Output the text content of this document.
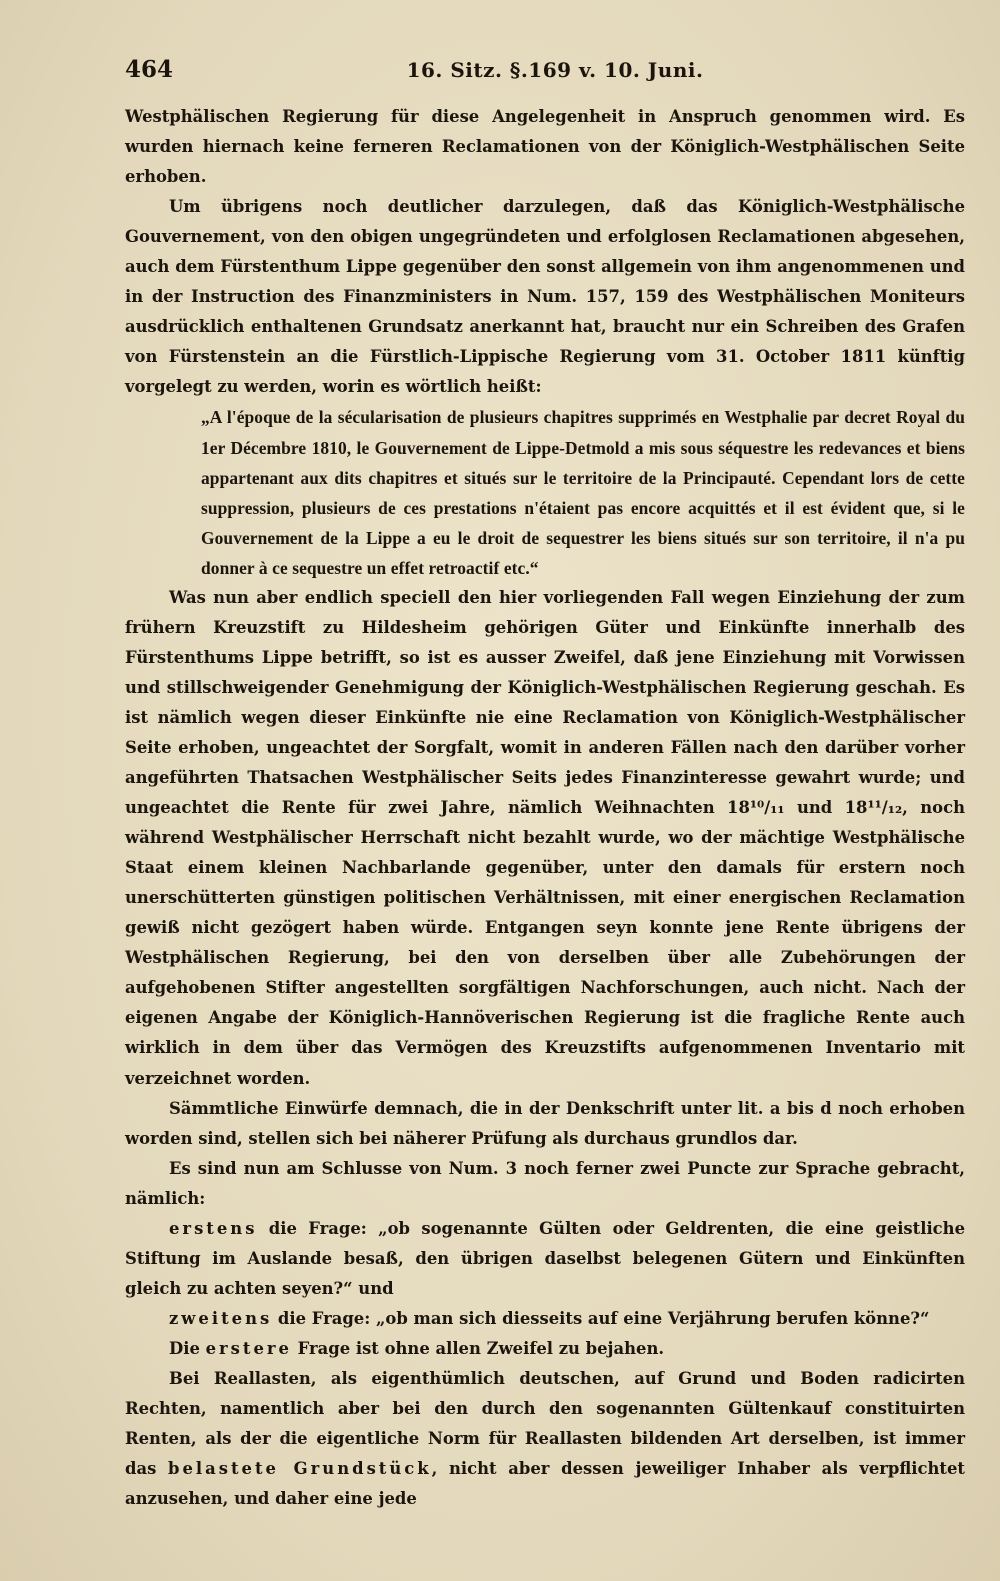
464	16. Sitz. §.169 v. 10. Juni.

Westphälischen Regierung für diese Angelegenheit in Anspruch genommen wird. Es wurden hiernach keine ferneren Reclamationen von der Königlich-Westphälischen Seite erhoben.

Um übrigens noch deutlicher darzulegen, daß das Königlich-Westphälische Gouvernement, von den obigen ungegründeten und erfolglosen Reclamationen abgesehen, auch dem Fürstenthum Lippe gegenüber den sonst allgemein von ihm angenommenen und in der Instruction des Finanzministers in Num. 157, 159 des Westphälischen Moniteurs ausdrücklich enthaltenen Grundsatz anerkannt hat, braucht nur ein Schreiben des Grafen von Fürstenstein an die Fürstlich-Lippische Regierung vom 31. October 1811 künftig vorgelegt zu werden, worin es wörtlich heißt:

„A l'époque de la sécularisation de plusieurs chapitres supprimés en Westphalie par decret Royal du 1er Décembre 1810, le Gouvernement de Lippe-Detmold a mis sous séquestre les redevances et biens appartenant aux dits chapitres et situés sur le territoire de la Principauté. Cependant lors de cette suppression, plusieurs de ces prestations n'étaient pas encore acquittés et il est évident que, si le Gouvernement de la Lippe a eu le droit de sequestrer les biens situés sur son territoire, il n'a pu donner à ce sequestre un effet retroactif etc.“

Was nun aber endlich speciell den hier vorliegenden Fall wegen Einziehung der zum frühern Kreuzstift zu Hildesheim gehörigen Güter und Einkünfte innerhalb des Fürstenthums Lippe betrifft, so ist es ausser Zweifel, daß jene Einziehung mit Vorwissen und stillschweigender Genehmigung der Königlich-Westphälischen Regierung geschah. Es ist nämlich wegen dieser Einkünfte nie eine Reclamation von Königlich-Westphälischer Seite erhoben, ungeachtet der Sorgfalt, womit in anderen Fällen nach den darüber vorher angeführten Thatsachen Westphälischer Seits jedes Finanzinteresse gewahrt wurde; und ungeachtet die Rente für zwei Jahre, nämlich Weihnachten 18¹⁰/₁₁ und 18¹¹/₁₂, noch während Westphälischer Herrschaft nicht bezahlt wurde, wo der mächtige Westphälische Staat einem kleinen Nachbarlande gegenüber, unter den damals für erstern noch unerschütterten günstigen politischen Verhältnissen, mit einer energischen Reclamation gewiß nicht gezögert haben würde. Entgangen seyn konnte jene Rente übrigens der Westphälischen Regierung, bei den von derselben über alle Zubehörungen der aufgehobenen Stifter angestellten sorgfältigen Nachforschungen, auch nicht. Nach der eigenen Angabe der Königlich-Hannöverischen Regierung ist die fragliche Rente auch wirklich in dem über das Vermögen des Kreuzstifts aufgenommenen Inventario mit verzeichnet worden.

Sämmtliche Einwürfe demnach, die in der Denkschrift unter lit. a bis d noch erhoben worden sind, stellen sich bei näherer Prüfung als durchaus grundlos dar.

Es sind nun am Schlusse von Num. 3 noch ferner zwei Puncte zur Sprache gebracht, nämlich:

erstens die Frage: „ob sogenannte Gülten oder Geldrenten, die eine geistliche Stiftung im Auslande besaß, den übrigen daselbst belegenen Gütern und Einkünften gleich zu achten seyen?“ und

zweitens die Frage: „ob man sich diesseits auf eine Verjährung berufen könne?“

Die erstere Frage ist ohne allen Zweifel zu bejahen.

Bei Reallasten, als eigenthümlich deutschen, auf Grund und Boden radicirten Rechten, namentlich aber bei den durch den sogenannten Gültenkauf constituirten Renten, als der die eigentliche Norm für Reallasten bildenden Art derselben, ist immer das belastete Grundstück, nicht aber dessen jeweiliger Inhaber als verpflichtet anzusehen, und daher eine jede
